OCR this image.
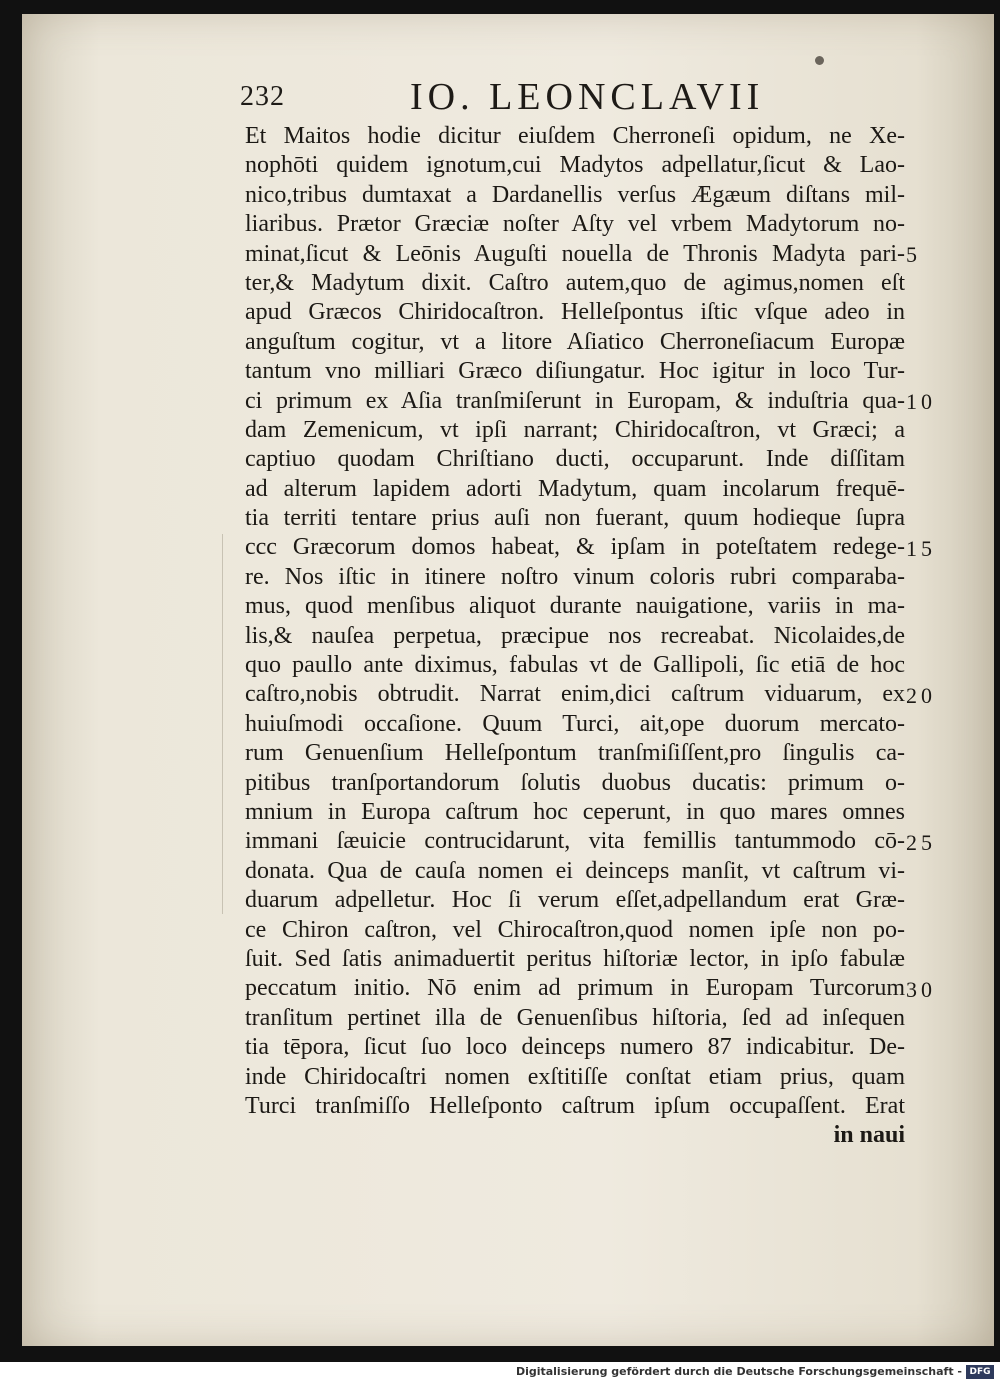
232	IO. LEONCLAVII
Et Maitos hodie dicitur eiuſdem Cherroneſi opidum, ne Xe-
nophōti quidem ignotum,cui Madytos adpellatur,ſicut & Lao-
nico,tribus dumtaxat a Dardanellis verſus Ægæum diſtans mil-
liaribus. Prætor Græciæ noſter Aſty vel vrbem Madytorum no-
minat,ſicut & Leōnis Auguſti nouella de Thronis Madyta pari-
ter,& Madytum dixit. Caſtro autem,quo de agimus,nomen eſt
apud Græcos Chiridocaſtron. Helleſpontus iſtic vſque adeo in
anguſtum cogitur, vt a litore Aſiatico Cherroneſiacum Europæ
tantum vno milliari Græco diſiungatur. Hoc igitur in loco Tur-
ci primum ex Aſia tranſmiſerunt in Europam, & induſtria qua-
dam Zemenicum, vt ipſi narrant; Chiridocaſtron, vt Græci; a
captiuo quodam Chriſtiano ducti, occuparunt. Inde diſſitam
ad alterum lapidem adorti Madytum, quam incolarum frequē-
tia territi tentare prius auſi non fuerant, quum hodieque ſupra
ccc Græcorum domos habeat, & ipſam in poteſtatem redege-
re. Nos iſtic in itinere noſtro vinum coloris rubri comparaba-
mus, quod menſibus aliquot durante nauigatione, variis in ma-
lis,& nauſea perpetua, præcipue nos recreabat. Nicolaides,de
quo paullo ante diximus, fabulas vt de Gallipoli, ſic etiā de hoc
caſtro,nobis obtrudit. Narrat enim,dici caſtrum viduarum, ex
huiuſmodi occaſione. Quum Turci, ait,ope duorum mercato-
rum Genuenſium Helleſpontum tranſmiſiſſent,pro ſingulis ca-
pitibus tranſportandorum ſolutis duobus ducatis: primum o-
mnium in Europa caſtrum hoc ceperunt, in quo mares omnes
immani ſæuicie contrucidarunt, vita femillis tantummodo cō-
donata. Qua de cauſa nomen ei deinceps manſit, vt caſtrum vi-
duarum adpelletur. Hoc ſi verum eſſet,adpellandum erat Græ-
ce Chiron caſtron, vel Chirocaſtron,quod nomen ipſe non po-
ſuit. Sed ſatis animaduertit peritus hiſtoriæ lector, in ipſo fabulæ
peccatum initio. Nō enim ad primum in Europam Turcorum
tranſitum pertinet illa de Genuenſibus hiſtoria, ſed ad inſequen
tia tēpora, ſicut ſuo loco deinceps numero 87 indicabitur. De-
inde Chiridocaſtri nomen exſtitiſſe conſtat etiam prius, quam
Turci tranſmiſſo Helleſponto caſtrum ipſum occupaſſent. Erat
in naui
5
10
15
20
25
30
Digitalisierung gefördert durch die Deutsche Forschungsgemeinschaft - DFG
